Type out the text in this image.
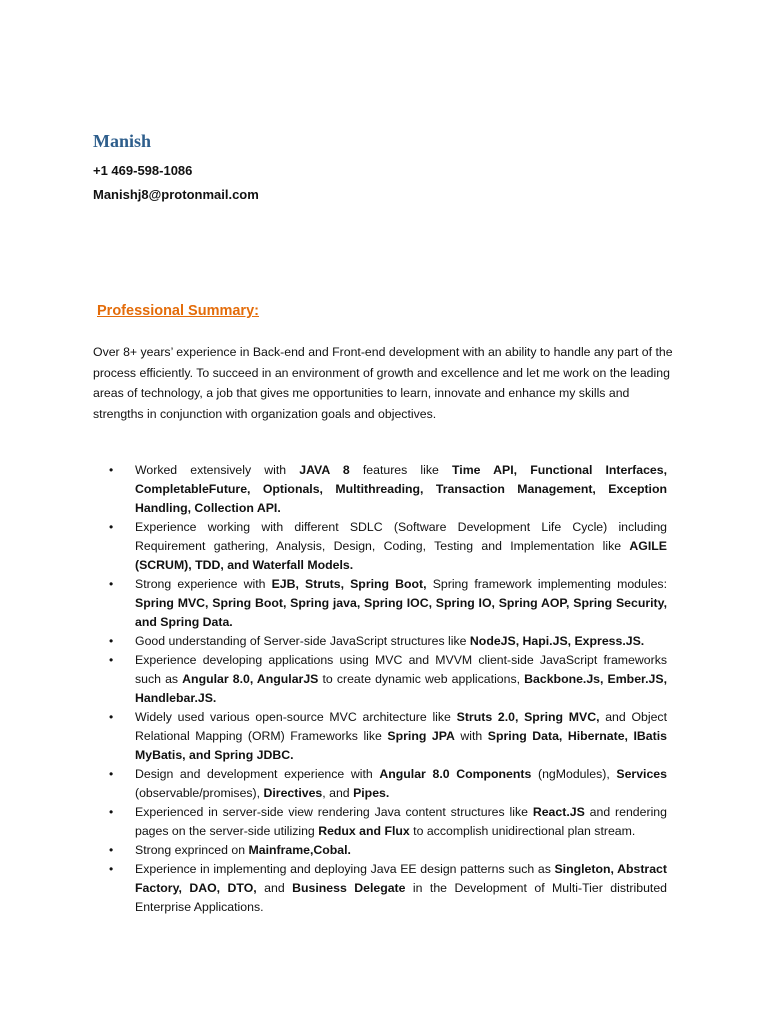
Manish

+1 469-598-1086

Manishj8@protonmail.com

Professional Summary:

Over 8+ years’ experience in Back-end and Front-end development with an ability to handle any part of the process efficiently. To succeed in an environment of growth and excellence and let me work on the leading areas of technology, a job that gives me opportunities to learn, innovate and enhance my skills and strengths in conjunction with organization goals and objectives.

• Worked extensively with JAVA 8 features like Time API, Functional Interfaces, CompletableFuture, Optionals, Multithreading, Transaction Management, Exception Handling, Collection API.
• Experience working with different SDLC (Software Development Life Cycle) including Requirement gathering, Analysis, Design, Coding, Testing and Implementation like AGILE (SCRUM), TDD, and Waterfall Models.
• Strong experience with EJB, Struts, Spring Boot, Spring framework implementing modules: Spring MVC, Spring Boot, Spring java, Spring IOC, Spring IO, Spring AOP, Spring Security, and Spring Data.
• Good understanding of Server-side JavaScript structures like NodeJS, Hapi.JS, Express.JS.
• Experience developing applications using MVC and MVVM client-side JavaScript frameworks such as Angular 8.0, AngularJS to create dynamic web applications, Backbone.Js, Ember.JS, Handlebar.JS.
• Widely used various open-source MVC architecture like Struts 2.0, Spring MVC, and Object Relational Mapping (ORM) Frameworks like Spring JPA with Spring Data, Hibernate, IBatis MyBatis, and Spring JDBC.
• Design and development experience with Angular 8.0 Components (ngModules), Services (observable/promises), Directives, and Pipes.
• Experienced in server-side view rendering Java content structures like React.JS and rendering pages on the server-side utilizing Redux and Flux to accomplish unidirectional plan stream.
• Strong exprinced on Mainframe,Cobal.
• Experience in implementing and deploying Java EE design patterns such as Singleton, Abstract Factory, DAO, DTO, and Business Delegate in the Development of Multi-Tier distributed Enterprise Applications.
